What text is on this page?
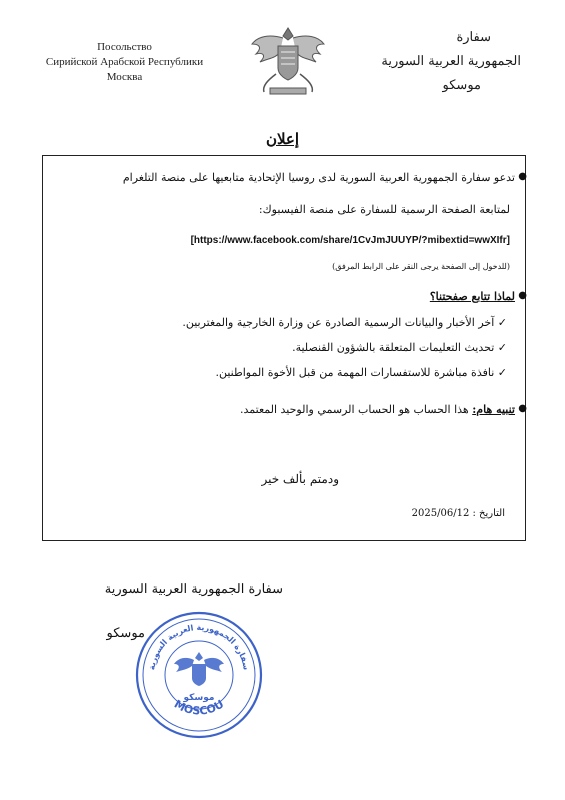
Посольство
Сирийской Арабской Республики
Москва
سفارة
الجمهورية العربية السورية
موسكو
إعلان
●
تدعو سفارة الجمهورية العربية السورية لدى روسيا الإتحادية متابعيها على منصة التلغرام
لمتابعة الصفحة الرسمية للسفارة على منصة الفيسبوك:
[https://www.facebook.com/share/1CvJmJUUYP/?mibextid=wwXIfr]
(للدخول إلى الصفحة يرجى النقر على الرابط المرفق)
●
لماذا تتابع صفحتنا؟
✓ آخر الأخبار والبيانات الرسمية الصادرة عن وزارة الخارجية والمغتربين.
✓ تحديث التعليمات المتعلقة بالشؤون القنصلية.
✓ نافذة مباشرة للاستفسارات المهمة من قبل الأخوة المواطنين.
●
تنبيه هام: هذا الحساب هو الحساب الرسمي والوحيد المعتمد.
ودمتم بألف خير
التاريخ : 2025/06/12
سفارة الجمهورية العربية السورية
موسكو
سفارة الجمهورية العربية السورية
MOSCOU
موسكو
